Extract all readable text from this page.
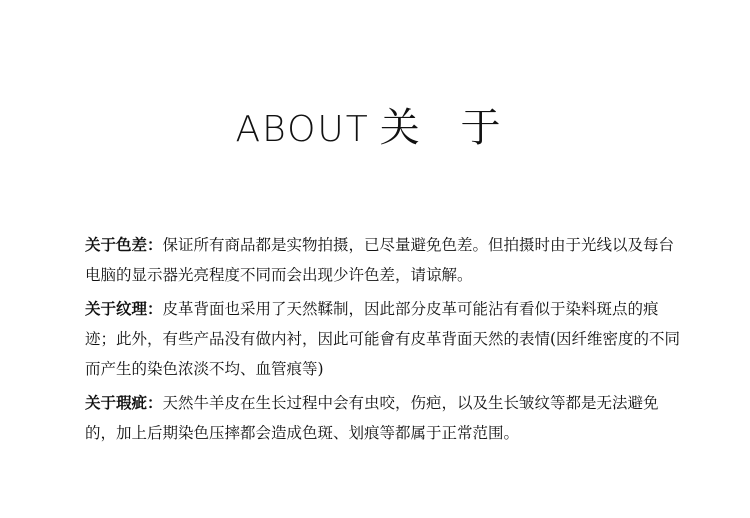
ABOUT 关 于

关于色差：保证所有商品都是实物拍摄，已尽量避免色差。但拍摄时由于光线以及每台电脑的显示器光亮程度不同而会出现少许色差，请谅解。

关于纹理：皮革背面也采用了天然鞣制，因此部分皮革可能沾有看似于染料斑点的痕迹；此外，有些产品没有做内衬，因此可能會有皮革背面天然的表情(因纤维密度的不同而产生的染色浓淡不均、血管痕等)

关于瑕疵：天然牛羊皮在生长过程中会有虫咬，伤疤，以及生长皱纹等都是无法避免的，加上后期染色压摔都会造成色斑、划痕等都属于正常范围。
